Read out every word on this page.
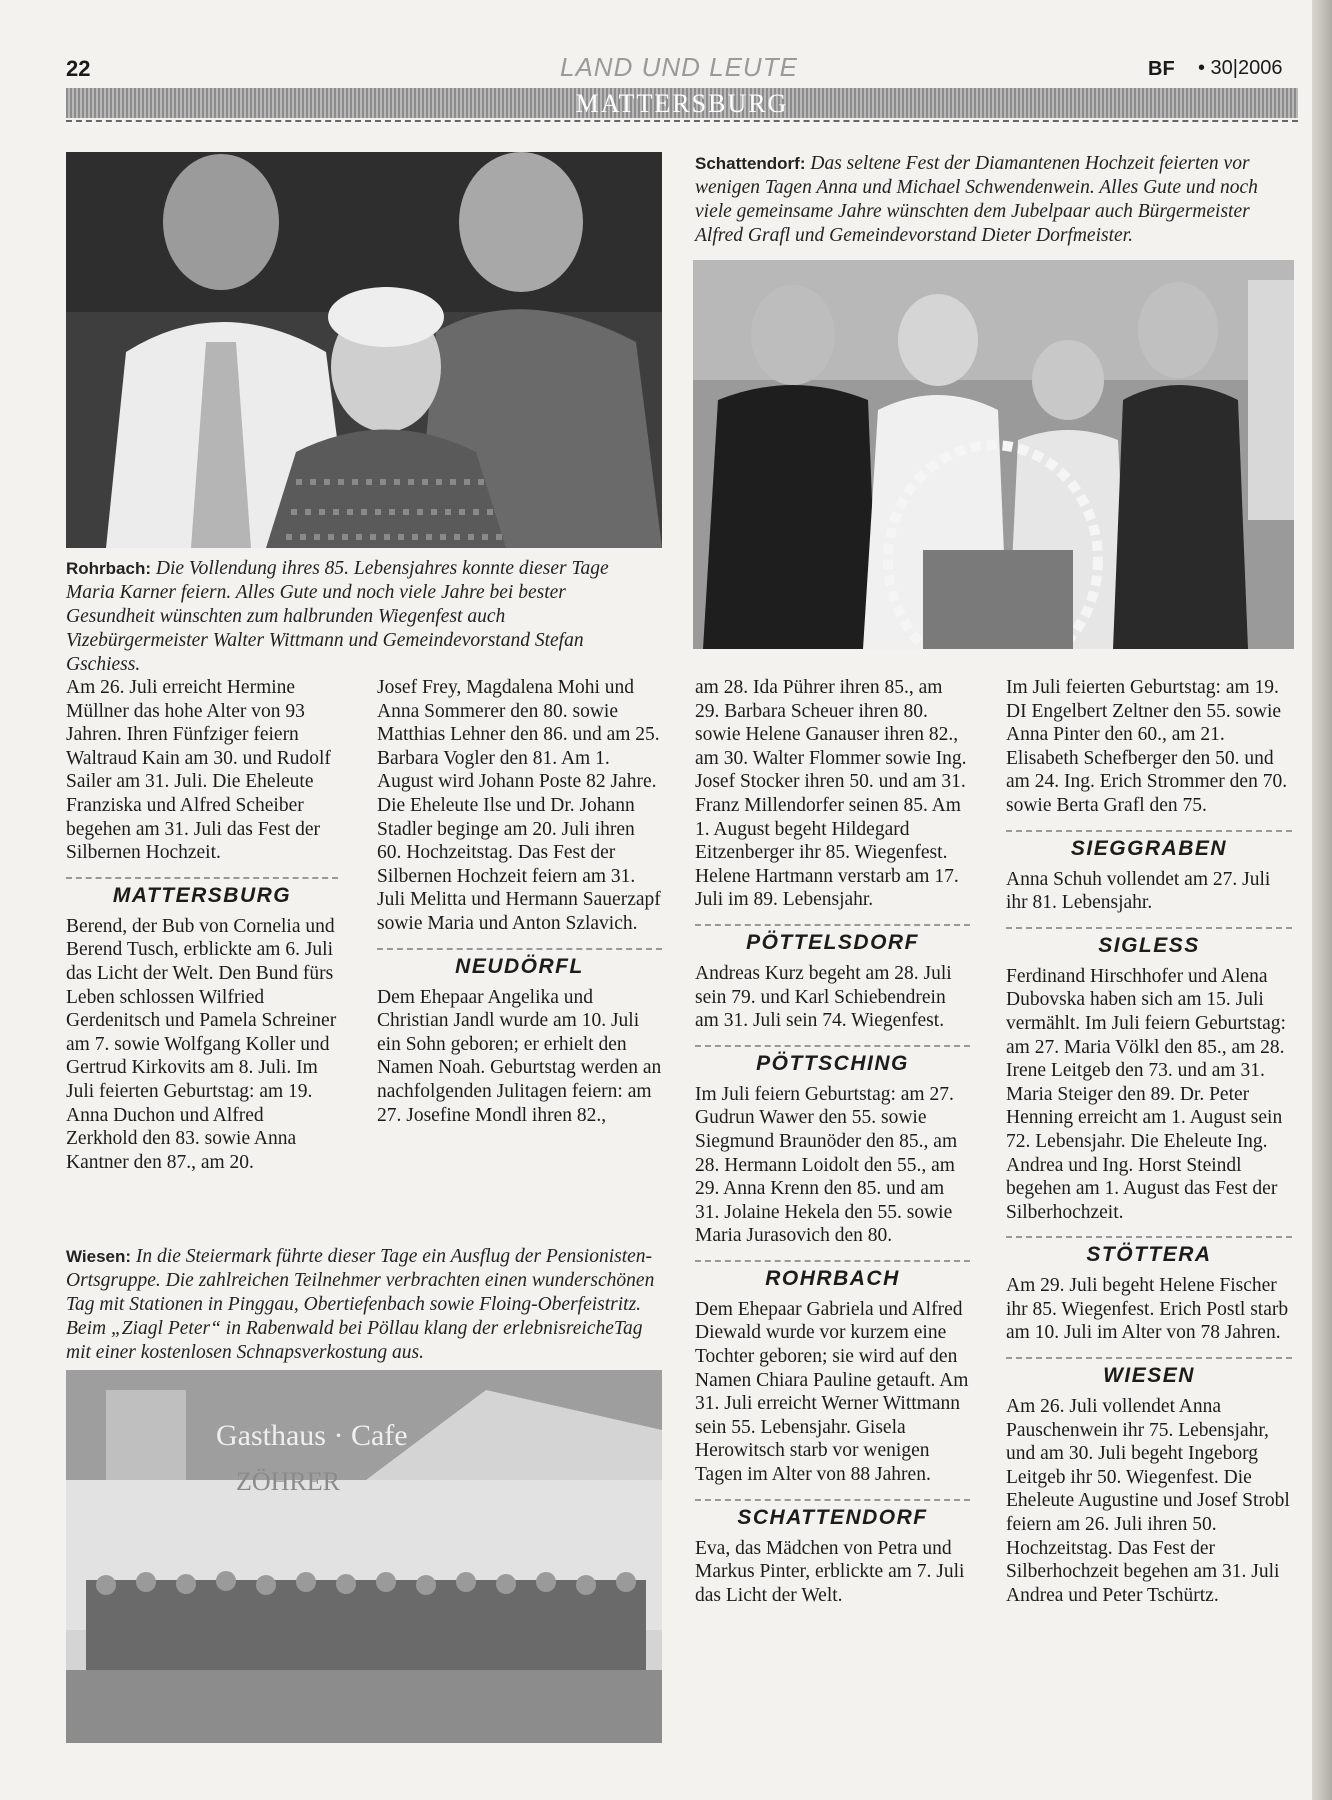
22	LAND UND LEUTE	BF • 30|2006
MATTERSBURG
Rohrbach: Die Vollendung ihres 85. Lebensjahres konnte dieser Tage Maria Karner feiern. Alles Gute und noch viele Jahre bei bester Gesundheit wünschten zum halbrunden Wiegenfest auch Vizebürgermeister Walter Wittmann und Gemeindevorstand Stefan Gschiess.
Schattendorf: Das seltene Fest der Diamantenen Hochzeit feierten vor wenigen Tagen Anna und Michael Schwendenwein. Alles Gute und noch viele gemeinsame Jahre wünschten dem Jubelpaar auch Bürgermeister Alfred Grafl und Gemeindevorstand Dieter Dorfmeister.

Am 26. Juli erreicht Hermine Müllner das hohe Alter von 93 Jahren. Ihren Fünfziger feiern Waltraud Kain am 30. und Rudolf Sailer am 31. Juli. Die Eheleute Franziska und Alfred Scheiber begehen am 31. Juli das Fest der Silbernen Hochzeit.

MATTERSBURG

Berend, der Bub von Cornelia und Berend Tusch, erblickte am 6. Juli das Licht der Welt. Den Bund fürs Leben schlossen Wilfried Gerdenitsch und Pamela Schreiner am 7. sowie Wolfgang Koller und Gertrud Kirkovits am 8. Juli. Im Juli feierten Geburtstag: am 19. Anna Duchon und Alfred Zerkhold den 83. sowie Anna Kantner den 87., am 20.

Josef Frey, Magdalena Mohi und Anna Sommerer den 80. sowie Matthias Lehner den 86. und am 25. Barbara Vogler den 81. Am 1. August wird Johann Poste 82 Jahre. Die Eheleute Ilse und Dr. Johann Stadler beginge am 20. Juli ihren 60. Hochzeitstag. Das Fest der Silbernen Hochzeit feiern am 31. Juli Melitta und Hermann Sauerzapf sowie Maria und Anton Szlavich.

NEUDÖRFL

Dem Ehepaar Angelika und Christian Jandl wurde am 10. Juli ein Sohn geboren; er erhielt den Namen Noah. Geburtstag werden an nachfolgenden Julitagen feiern: am 27. Josefine Mondl ihren 82.,

Wiesen: In die Steiermark führte dieser Tage ein Ausflug der Pensionisten-Ortsgruppe. Die zahlreichen Teilnehmer verbrachten einen wunderschönen Tag mit Stationen in Pinggau, Obertiefenbach sowie Floing-Oberfeistritz. Beim „Ziagl Peter“ in Rabenwald bei Pöllau klang der erlebnisreicheTag mit einer kostenlosen Schnapsverkostung aus.
Gasthaus · Cafe
ZÖHRER

am 28. Ida Pührer ihren 85., am 29. Barbara Scheuer ihren 80. sowie Helene Ganauser ihren 82., am 30. Walter Flommer sowie Ing. Josef Stocker ihren 50. und am 31. Franz Millendorfer seinen 85. Am 1. August begeht Hildegard Eitzenberger ihr 85. Wiegenfest. Helene Hartmann verstarb am 17. Juli im 89. Lebensjahr.

PÖTTELSDORF

Andreas Kurz begeht am 28. Juli sein 79. und Karl Schiebendrein am 31. Juli sein 74. Wiegenfest.

PÖTTSCHING

Im Juli feiern Geburtstag: am 27. Gudrun Wawer den 55. sowie Siegmund Braunöder den 85., am 28. Hermann Loidolt den 55., am 29. Anna Krenn den 85. und am 31. Jolaine Hekela den 55. sowie Maria Jurasovich den 80.

ROHRBACH

Dem Ehepaar Gabriela und Alfred Diewald wurde vor kurzem eine Tochter geboren; sie wird auf den Namen Chiara Pauline getauft. Am 31. Juli erreicht Werner Wittmann sein 55. Lebensjahr. Gisela Herowitsch starb vor wenigen Tagen im Alter von 88 Jahren.

SCHATTENDORF

Eva, das Mädchen von Petra und Markus Pinter, erblickte am 7. Juli das Licht der Welt.

Im Juli feierten Geburtstag: am 19. DI Engelbert Zeltner den 55. sowie Anna Pinter den 60., am 21. Elisabeth Schefberger den 50. und am 24. Ing. Erich Strommer den 70. sowie Berta Grafl den 75.

SIEGGRABEN

Anna Schuh vollendet am 27. Juli ihr 81. Lebensjahr.

SIGLESS

Ferdinand Hirschhofer und Alena Dubovska haben sich am 15. Juli vermählt. Im Juli feiern Geburtstag: am 27. Maria Völkl den 85., am 28. Irene Leitgeb den 73. und am 31. Maria Steiger den 89. Dr. Peter Henning erreicht am 1. August sein 72. Lebensjahr. Die Eheleute Ing. Andrea und Ing. Horst Steindl begehen am 1. August das Fest der Silberhochzeit.

STÖTTERA

Am 29. Juli begeht Helene Fischer ihr 85. Wiegenfest. Erich Postl starb am 10. Juli im Alter von 78 Jahren.

WIESEN

Am 26. Juli vollendet Anna Pauschenwein ihr 75. Lebensjahr, und am 30. Juli begeht Ingeborg Leitgeb ihr 50. Wiegenfest. Die Eheleute Augustine und Josef Strobl feiern am 26. Juli ihren 50. Hochzeitstag. Das Fest der Silberhochzeit begehen am 31. Juli Andrea und Peter Tschürtz.
